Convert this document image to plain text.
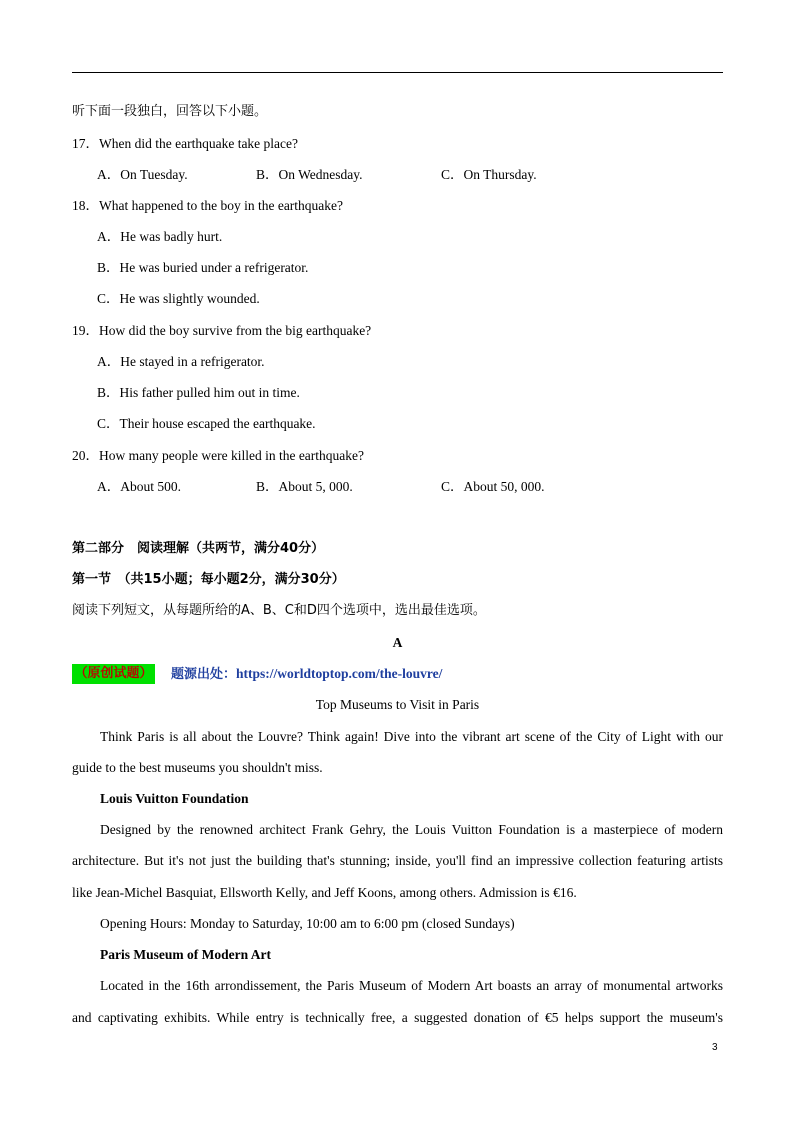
听下面一段独白，回答以下小题。
17．When did the earthquake take place?
A．On Tuesday.	B．On Wednesday.	C．On Thursday.
18．What happened to the boy in the earthquake?
A．He was badly hurt.
B．He was buried under a refrigerator.
C．He was slightly wounded.
19．How did the boy survive from the big earthquake?
A．He stayed in a refrigerator.
B．His father pulled him out in time.
C．Their house escaped the earthquake.
20．How many people were killed in the earthquake?
A．About 500.	B．About 5, 000.	C．About 50, 000.
第二部分　阅读理解（共两节，满分40分）
第一节　（共15小题；每小题2分，满分30分）
阅读下列短文，从每题所给的A、B、C和D四个选项中，选出最佳选项。
A
（原创试题） 题源出处：https://worldtoptop.com/the-louvre/
Top Museums to Visit in Paris
Think Paris is all about the Louvre? Think again! Dive into the vibrant art scene of the City of Light with our
guide to the best museums you shouldn't miss.
Louis Vuitton Foundation
Designed by the renowned architect Frank Gehry, the Louis Vuitton Foundation is a masterpiece of modern
architecture. But it's not just the building that's stunning; inside, you'll find an impressive collection featuring artists
like Jean-Michel Basquiat, Ellsworth Kelly, and Jeff Koons, among others. Admission is €16.
Opening Hours: Monday to Saturday, 10:00 am to 6:00 pm (closed Sundays)
Paris Museum of Modern Art
Located in the 16th arrondissement, the Paris Museum of Modern Art boasts an array of monumental artworks
and captivating exhibits. While entry is technically free, a suggested donation of €5 helps support the museum's
3
